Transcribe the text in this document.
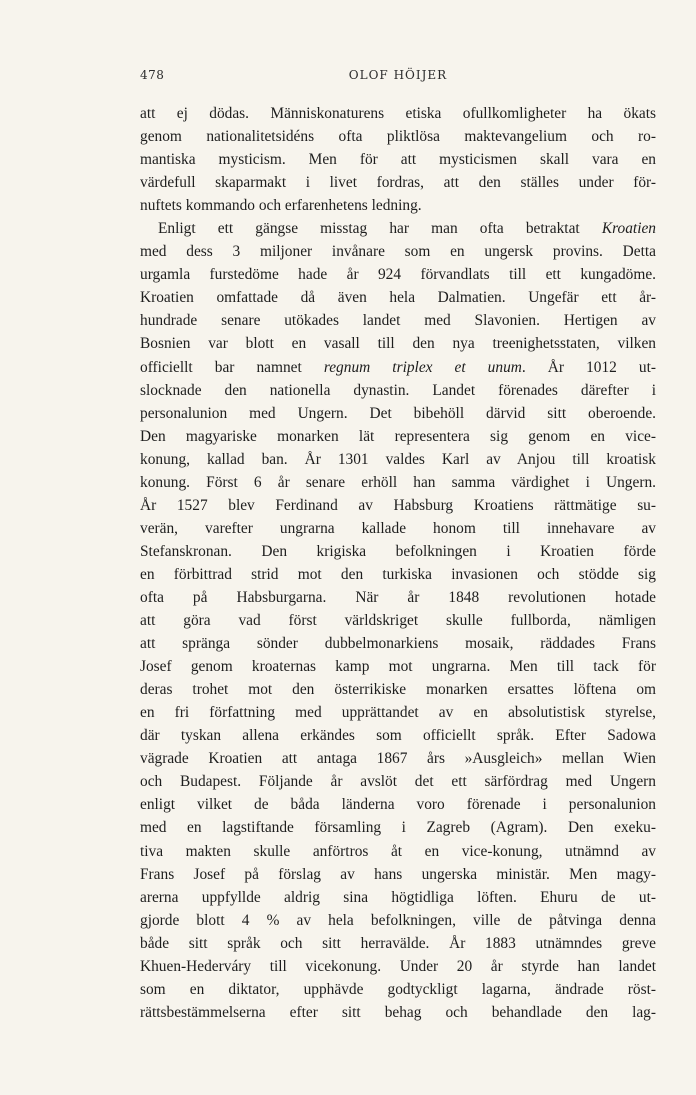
478	OLOF HÖIJER
att ej dödas. Människonaturens etiska ofullkomligheter ha ökats
genom nationalitetsidéns ofta pliktlösa maktevangelium och ro-
mantiska mysticism. Men för att mysticismen skall vara en
värdefull skaparmakt i livet fordras, att den ställes under för-
nuftets kommando och erfarenhetens ledning.
Enligt ett gängse misstag har man ofta betraktat Kroatien
med dess 3 miljoner invånare som en ungersk provins. Detta
urgamla furstedöme hade år 924 förvandlats till ett kungadöme.
Kroatien omfattade då även hela Dalmatien. Ungefär ett år-
hundrade senare utökades landet med Slavonien. Hertigen av
Bosnien var blott en vasall till den nya treenighetsstaten, vilken
officiellt bar namnet regnum triplex et unum. År 1012 ut-
slocknade den nationella dynastin. Landet förenades därefter i
personalunion med Ungern. Det bibehöll därvid sitt oberoende.
Den magyariske monarken lät representera sig genom en vice-
konung, kallad ban. År 1301 valdes Karl av Anjou till kroatisk
konung. Först 6 år senare erhöll han samma värdighet i Ungern.
År 1527 blev Ferdinand av Habsburg Kroatiens rättmätige su-
verän, varefter ungrarna kallade honom till innehavare av
Stefanskronan. Den krigiska befolkningen i Kroatien förde
en förbittrad strid mot den turkiska invasionen och stödde sig
ofta på Habsburgarna. När år 1848 revolutionen hotade
att göra vad först världskriget skulle fullborda, nämligen
att spränga sönder dubbelmonarkiens mosaik, räddades Frans
Josef genom kroaternas kamp mot ungrarna. Men till tack för
deras trohet mot den österrikiske monarken ersattes löftena om
en fri författning med upprättandet av en absolutistisk styrelse,
där tyskan allena erkändes som officiellt språk. Efter Sadowa
vägrade Kroatien att antaga 1867 års »Ausgleich» mellan Wien
och Budapest. Följande år avslöt det ett särfördrag med Ungern
enligt vilket de båda länderna voro förenade i personalunion
med en lagstiftande församling i Zagreb (Agram). Den exeku-
tiva makten skulle anförtros åt en vice-konung, utnämnd av
Frans Josef på förslag av hans ungerska ministär. Men magy-
arerna uppfyllde aldrig sina högtidliga löften. Ehuru de ut-
gjorde blott 4 % av hela befolkningen, ville de påtvinga denna
både sitt språk och sitt herravälde. År 1883 utnämndes greve
Khuen-Hederváry till vicekonung. Under 20 år styrde han landet
som en diktator, upphävde godtyckligt lagarna, ändrade röst-
rättsbestämmelserna efter sitt behag och behandlade den lag-
